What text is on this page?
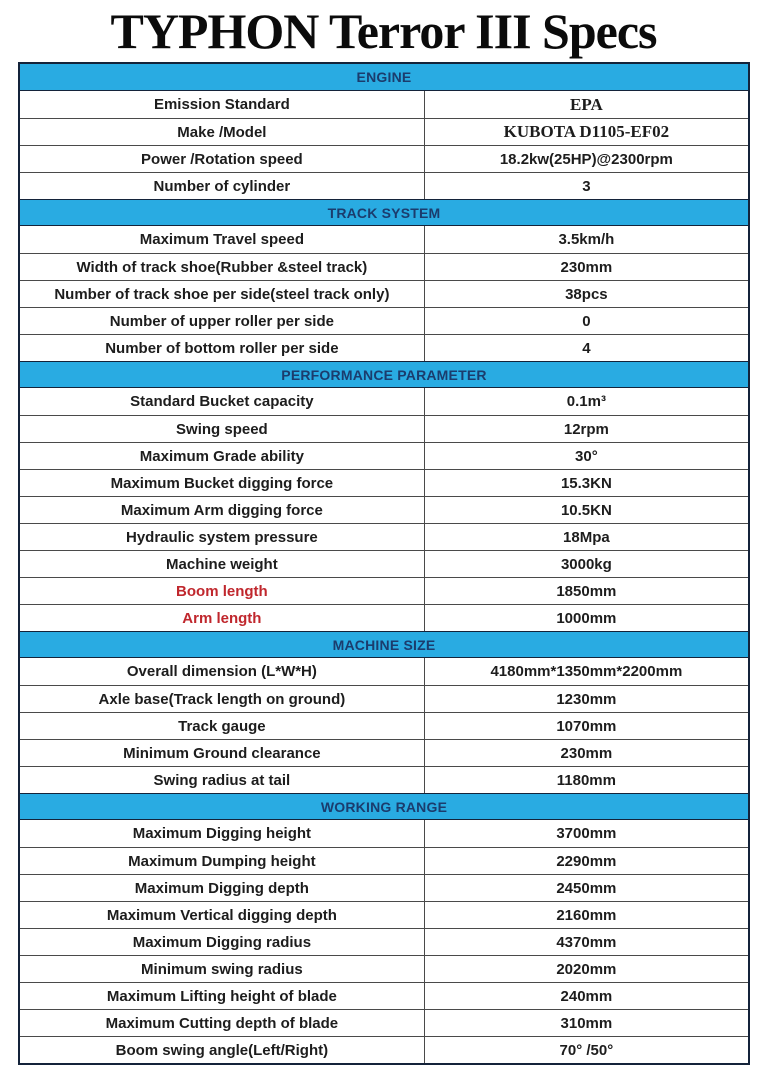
TYPHON Terror III Specs
ENGINE
Emission Standard	EPA
Make /Model	KUBOTA D1105-EF02
Power /Rotation speed	18.2kw(25HP)@2300rpm
Number of cylinder	3
TRACK SYSTEM
Maximum Travel speed	3.5km/h
Width of track shoe(Rubber &steel track)	230mm
Number of track shoe per side(steel track only)	38pcs
Number of upper roller per side	0
Number of bottom roller per side	4
PERFORMANCE PARAMETER
Standard Bucket capacity	0.1m³
Swing speed	12rpm
Maximum Grade ability	30°
Maximum Bucket digging force	15.3KN
Maximum Arm digging force	10.5KN
Hydraulic system pressure	18Mpa
Machine weight	3000kg
Boom length	1850mm
Arm length	1000mm
MACHINE SIZE
Overall dimension (L*W*H)	4180mm*1350mm*2200mm
Axle base(Track length on ground)	1230mm
Track gauge	1070mm
Minimum Ground clearance	230mm
Swing radius at tail	1180mm
WORKING RANGE
Maximum Digging height	3700mm
Maximum Dumping height	2290mm
Maximum Digging depth	2450mm
Maximum Vertical digging depth	2160mm
Maximum Digging radius	4370mm
Minimum swing radius	2020mm
Maximum Lifting height of blade	240mm
Maximum Cutting depth of blade	310mm
Boom swing angle(Left/Right)	70° /50°
